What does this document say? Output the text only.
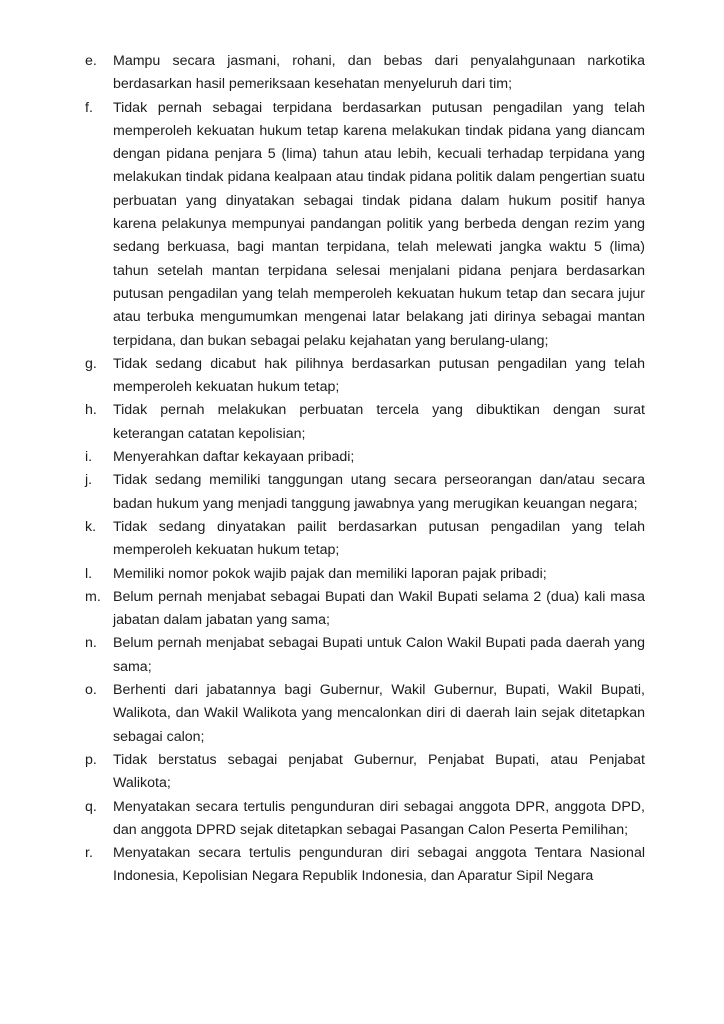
e.	Mampu secara jasmani, rohani, dan bebas dari penyalahgunaan narkotika berdasarkan hasil pemeriksaan kesehatan menyeluruh dari tim;
f.	Tidak pernah sebagai terpidana berdasarkan putusan pengadilan yang telah memperoleh kekuatan hukum tetap karena melakukan tindak pidana yang diancam dengan pidana penjara 5 (lima) tahun atau lebih, kecuali terhadap terpidana yang melakukan tindak pidana kealpaan atau tindak pidana politik dalam pengertian suatu perbuatan yang dinyatakan sebagai tindak pidana dalam hukum positif hanya karena pelakunya mempunyai pandangan politik yang berbeda dengan rezim yang sedang berkuasa, bagi mantan terpidana, telah melewati jangka waktu 5 (lima) tahun setelah mantan terpidana selesai menjalani pidana penjara berdasarkan putusan pengadilan yang telah memperoleh kekuatan hukum tetap dan secara jujur atau terbuka mengumumkan mengenai latar belakang jati dirinya sebagai mantan terpidana, dan bukan sebagai pelaku kejahatan yang berulang-ulang;
g.	Tidak sedang dicabut hak pilihnya berdasarkan putusan pengadilan yang telah memperoleh kekuatan hukum tetap;
h.	Tidak pernah melakukan perbuatan tercela yang dibuktikan dengan surat keterangan catatan kepolisian;
i.	Menyerahkan daftar kekayaan pribadi;
j.	Tidak sedang memiliki tanggungan utang secara perseorangan dan/atau secara badan hukum yang menjadi tanggung jawabnya yang merugikan keuangan negara;
k.	Tidak sedang dinyatakan pailit berdasarkan putusan pengadilan yang telah memperoleh kekuatan hukum tetap;
l.	Memiliki nomor pokok wajib pajak dan memiliki laporan pajak pribadi;
m. Belum pernah menjabat sebagai Bupati dan Wakil Bupati selama 2 (dua) kali masa jabatan dalam jabatan yang sama;
n.	Belum pernah menjabat sebagai Bupati untuk Calon Wakil Bupati pada daerah yang sama;
o.	Berhenti dari jabatannya bagi Gubernur, Wakil Gubernur, Bupati, Wakil Bupati, Walikota, dan Wakil Walikota yang mencalonkan diri di daerah lain sejak ditetapkan sebagai calon;
p.	Tidak berstatus sebagai penjabat Gubernur, Penjabat Bupati, atau Penjabat Walikota;
q.	Menyatakan secara tertulis pengunduran diri sebagai anggota DPR, anggota DPD, dan anggota DPRD sejak ditetapkan sebagai Pasangan Calon Peserta Pemilihan;
r.	Menyatakan secara tertulis pengunduran diri sebagai anggota Tentara Nasional Indonesia, Kepolisian Negara Republik Indonesia, dan Aparatur Sipil Negara
